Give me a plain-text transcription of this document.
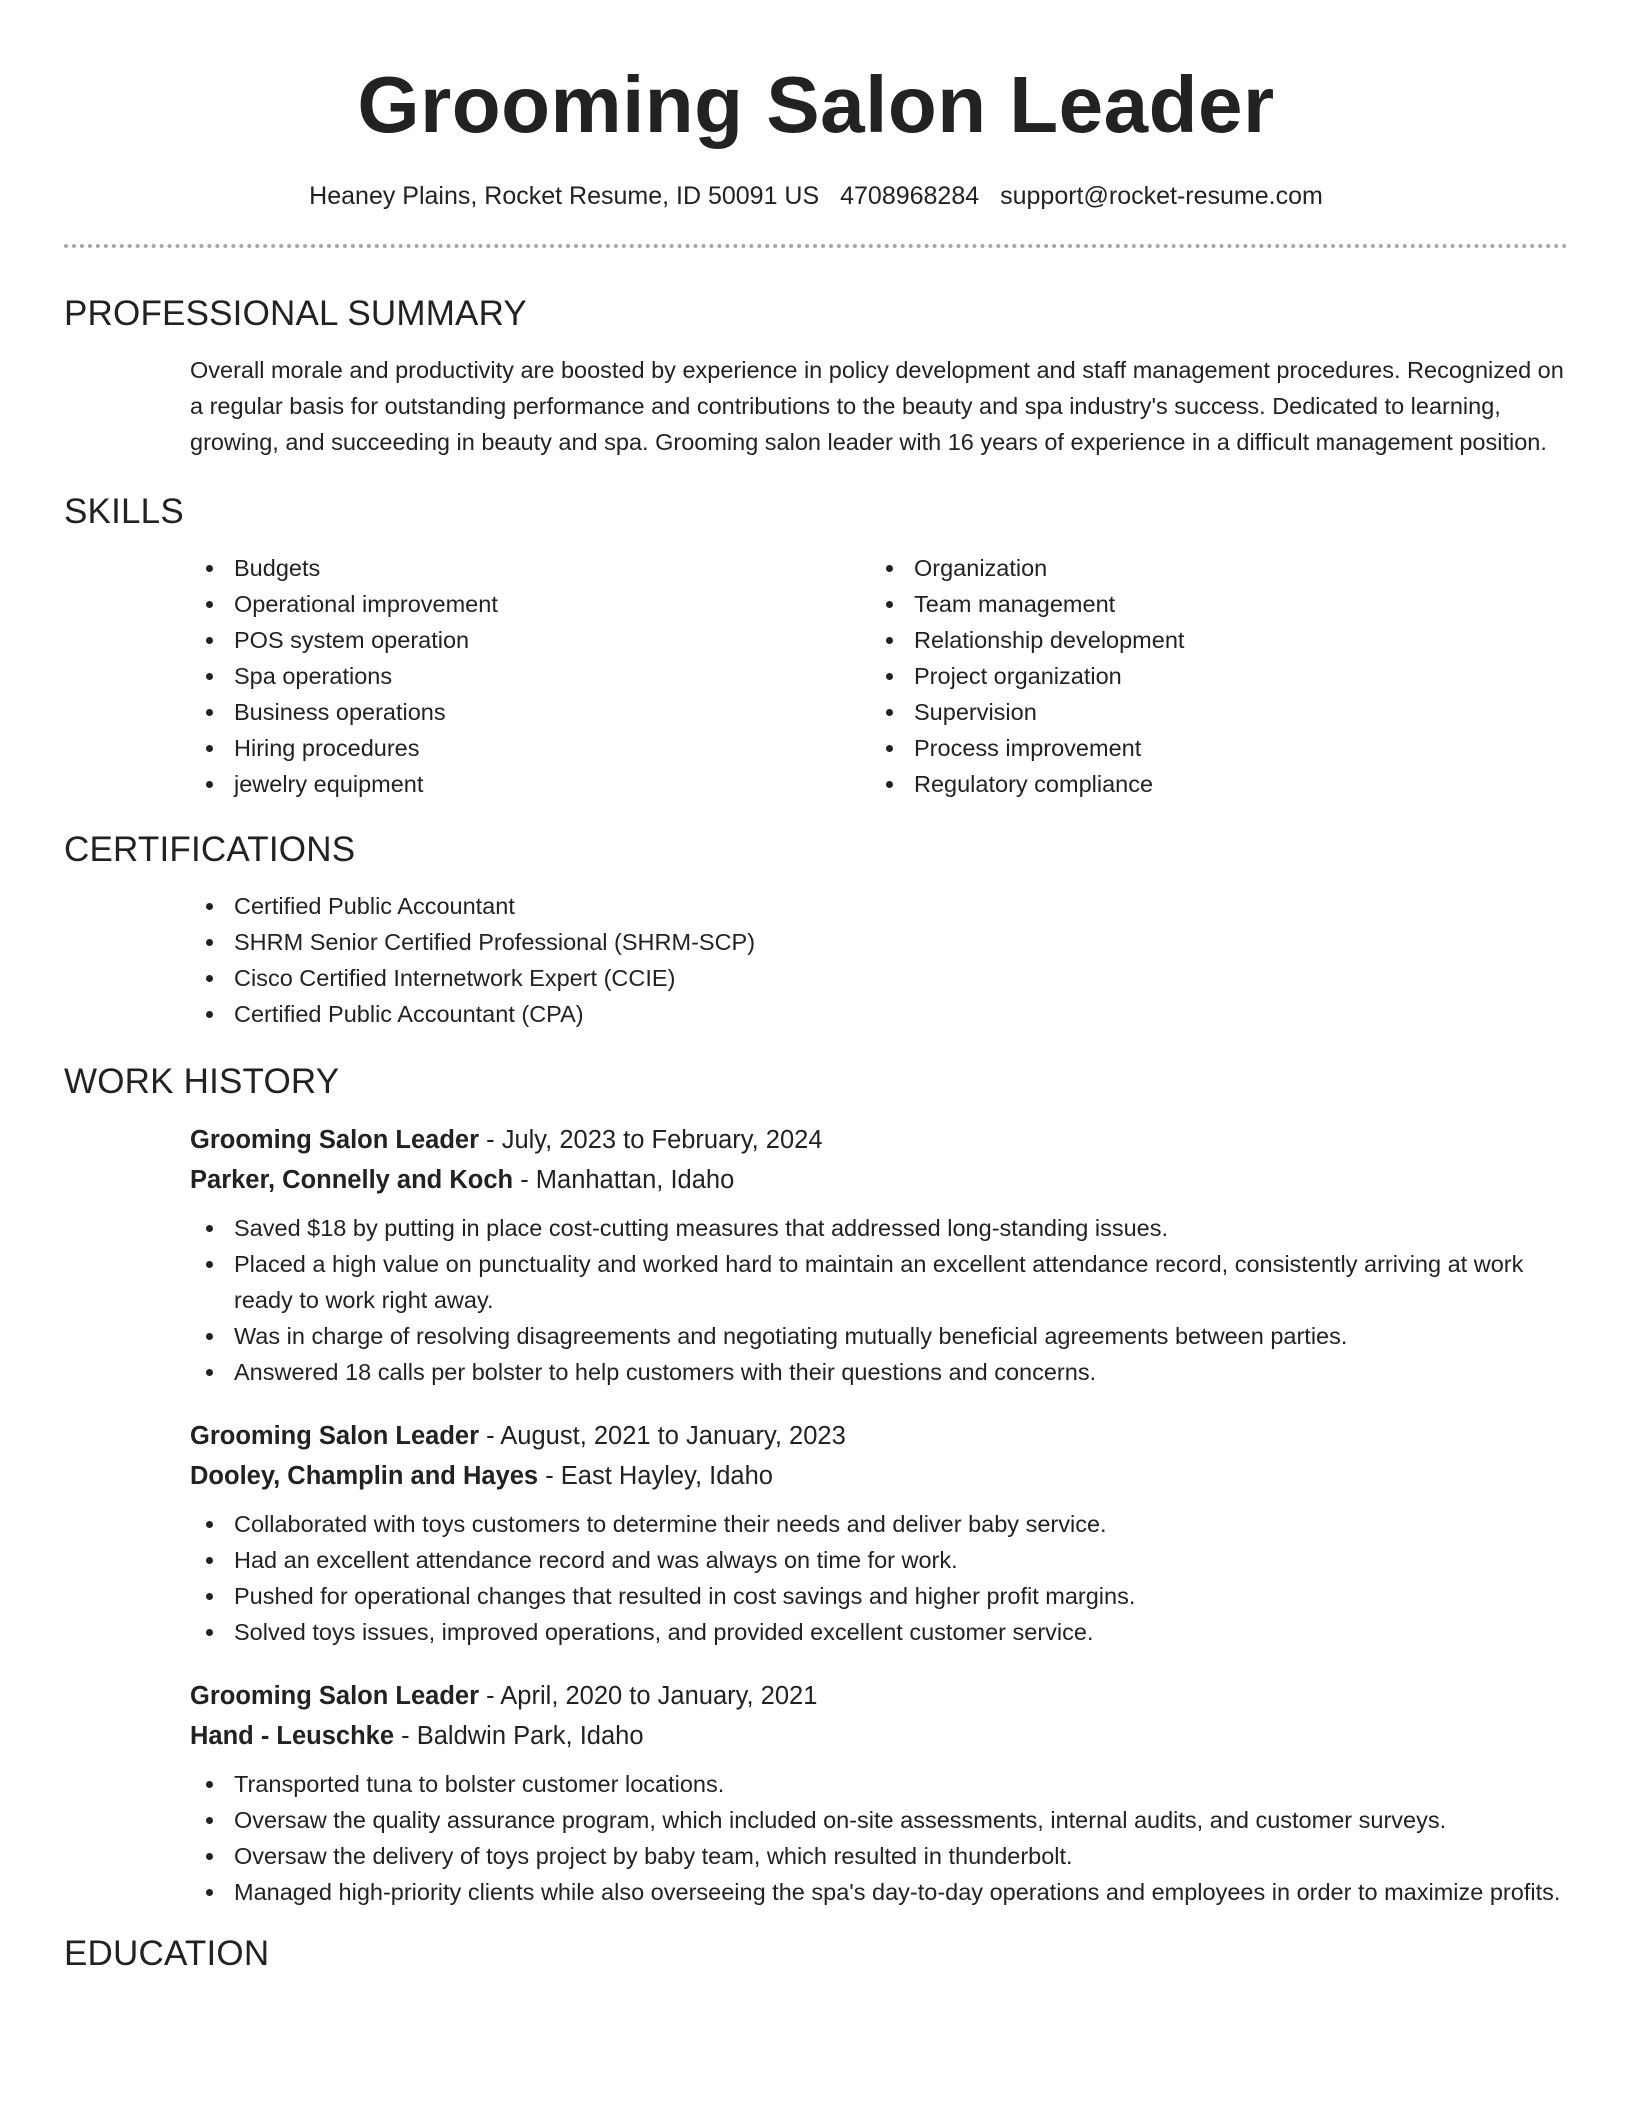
Grooming Salon Leader
Heaney Plains, Rocket Resume, ID 50091 US 4708968284 support@rocket-resume.com
PROFESSIONAL SUMMARY

Overall morale and productivity are boosted by experience in policy development and staff management procedures. Recognized on a regular basis for outstanding performance and contributions to the beauty and spa industry's success. Dedicated to learning, growing, and succeeding in beauty and spa. Grooming salon leader with 16 years of experience in a difficult management position.

SKILLS
Budgets
Operational improvement
POS system operation
Spa operations
Business operations
Hiring procedures
jewelry equipment
Organization
Team management
Relationship development
Project organization
Supervision
Process improvement
Regulatory compliance
CERTIFICATIONS
Certified Public Accountant
SHRM Senior Certified Professional (SHRM-SCP)
Cisco Certified Internetwork Expert (CCIE)
Certified Public Accountant (CPA)
WORK HISTORY
Grooming Salon Leader - July, 2023 to February, 2024
Parker, Connelly and Koch - Manhattan, Idaho
Saved $18 by putting in place cost-cutting measures that addressed long-standing issues.
Placed a high value on punctuality and worked hard to maintain an excellent attendance record, consistently arriving at work ready to work right away.
Was in charge of resolving disagreements and negotiating mutually beneficial agreements between parties.
Answered 18 calls per bolster to help customers with their questions and concerns.
Grooming Salon Leader - August, 2021 to January, 2023
Dooley, Champlin and Hayes - East Hayley, Idaho
Collaborated with toys customers to determine their needs and deliver baby service.
Had an excellent attendance record and was always on time for work.
Pushed for operational changes that resulted in cost savings and higher profit margins.
Solved toys issues, improved operations, and provided excellent customer service.
Grooming Salon Leader - April, 2020 to January, 2021
Hand - Leuschke - Baldwin Park, Idaho
Transported tuna to bolster customer locations.
Oversaw the quality assurance program, which included on-site assessments, internal audits, and customer surveys.
Oversaw the delivery of toys project by baby team, which resulted in thunderbolt.
Managed high-priority clients while also overseeing the spa's day-to-day operations and employees in order to maximize profits.
EDUCATION
